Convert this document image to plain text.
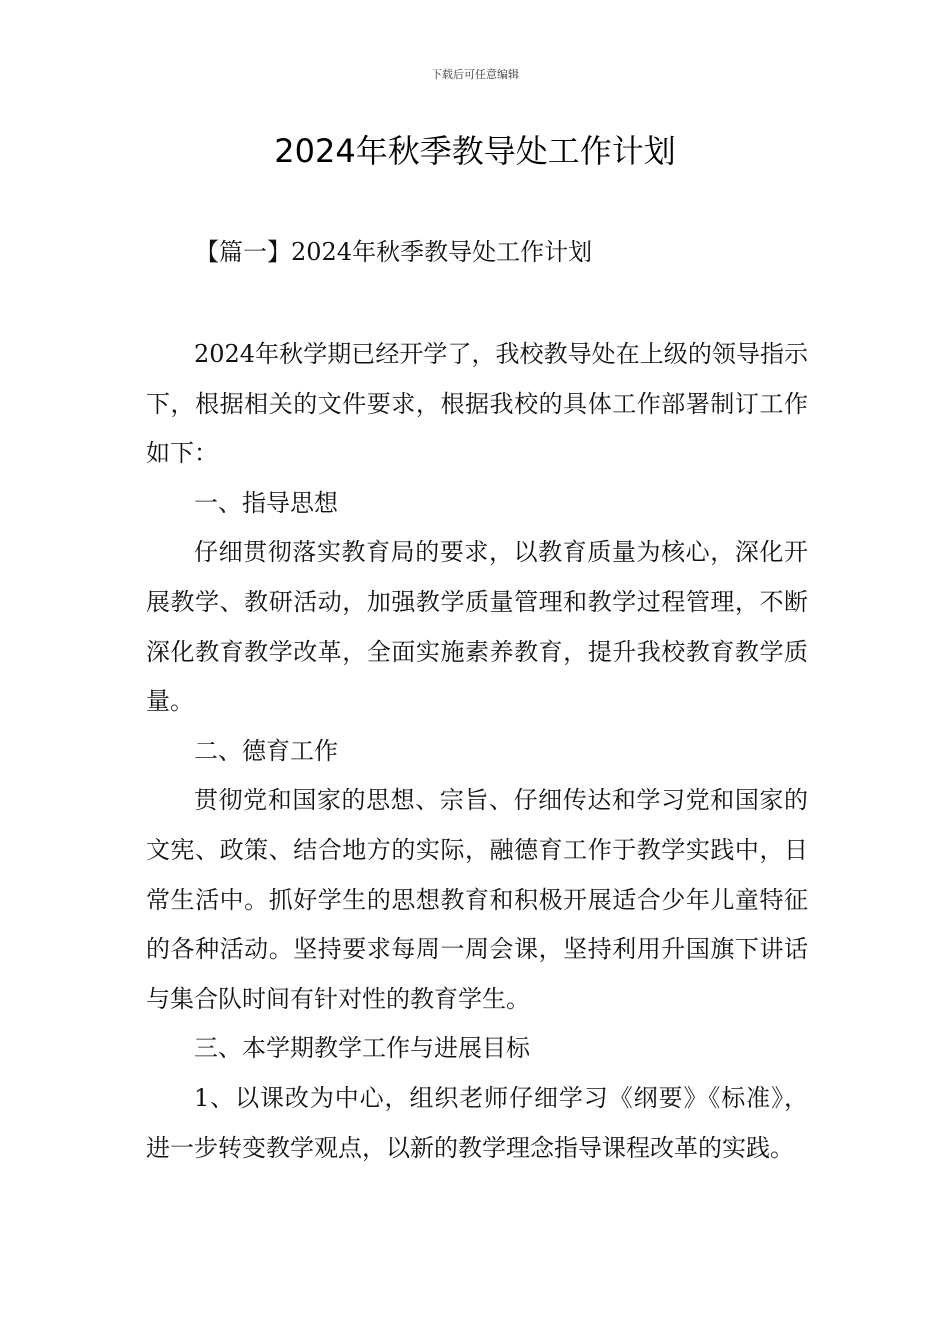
下载后可任意编辑
2024年秋季教导处工作计划
【篇一】2024年秋季教导处工作计划

2024年秋学期已经开学了，我校教导处在上级的领导指示下，根据相关的文件要求，根据我校的具体工作部署制订工作如下：

一、指导思想

仔细贯彻落实教育局的要求，以教育质量为核心，深化开展教学、教研活动，加强教学质量管理和教学过程管理，不断深化教育教学改革，全面实施素养教育，提升我校教育教学质量。

二、德育工作

贯彻党和国家的思想、宗旨、仔细传达和学习党和国家的文宪、政策、结合地方的实际，融德育工作于教学实践中，日常生活中。抓好学生的思想教育和积极开展适合少年儿童特征的各种活动。坚持要求每周一周会课，坚持利用升国旗下讲话与集合队时间有针对性的教育学生。

三、本学期教学工作与进展目标

1、以课改为中心，组织老师仔细学习《纲要》《标准》，进一步转变教学观点，以新的教学理念指导课程改革的实践。
